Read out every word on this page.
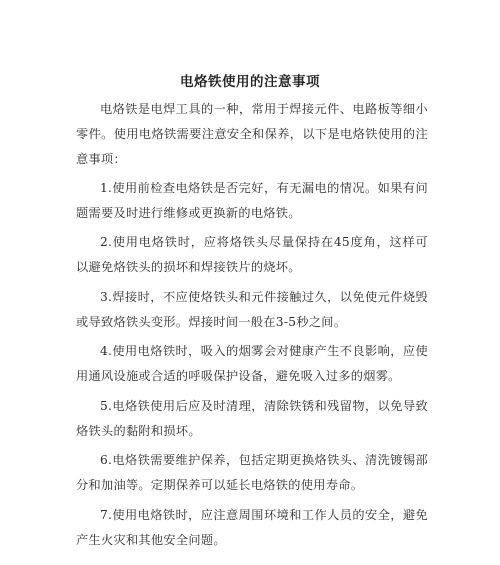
电烙铁使用的注意事项

电烙铁是电焊工具的一种，常用于焊接元件、电路板等细小零件。使用电烙铁需要注意安全和保养，以下是电烙铁使用的注意事项：

1.使用前检查电烙铁是否完好，有无漏电的情况。如果有问题需要及时进行维修或更换新的电烙铁。

2.使用电烙铁时，应将烙铁头尽量保持在45度角，这样可以避免烙铁头的损坏和焊接铁片的烧坏。

3.焊接时，不应使烙铁头和元件接触过久，以免使元件烧毁或导致烙铁头变形。焊接时间一般在3-5秒之间。

4.使用电烙铁时，吸入的烟雾会对健康产生不良影响，应使用通风设施或合适的呼吸保护设备，避免吸入过多的烟雾。

5.电烙铁使用后应及时清理，清除铁锈和残留物，以免导致烙铁头的黏附和损坏。

6.电烙铁需要维护保养，包括定期更换烙铁头、清洗镀锡部分和加油等。定期保养可以延长电烙铁的使用寿命。

7.使用电烙铁时，应注意周围环境和工作人员的安全，避免产生火灾和其他安全问题。
